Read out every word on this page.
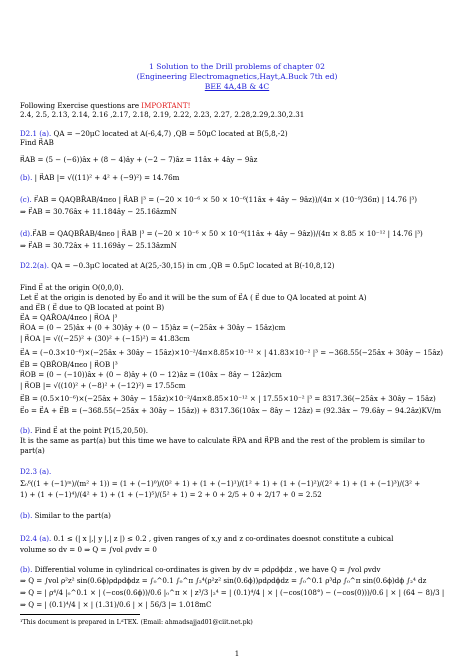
1 Solution to the Drill problems of chapter 02
(Engineering Electromagnetics,Hayt,A.Buck 7th ed)
BEE 4A,4B & 4C
Following Exercise questions are IMPORTANT!
2.4, 2.5, 2.13, 2.14, 2.16 ,2.17, 2.18, 2.19, 2.22, 2.23, 2.27, 2.28,2.29,2.30,2.31
D2.1 (a). QA = −20μC located at A(-6,4,7) ,QB = 50μC located at B(5,8,-2)
Find R⃗AB
R⃗AB = (5 − (−6))âx + (8 − 4)ây + (−2 − 7)âz = 11âx + 4ây − 9âz
(b). | R⃗AB |= √((11)² + 4² + (−9)²) = 14.76m
(c). F⃗AB = QAQBR̂AB/4πϵo | R⃗AB |³ = (−20 × 10⁻⁶ × 50 × 10⁻⁶(11âx + 4ây − 9âz))/(4π × (10⁻⁹/36π) | 14.76 |³)
⇒ F⃗AB = 30.76âx + 11.184ây − 25.16âzmN
(d).F⃗AB = QAQBR̂AB/4πϵo | R⃗AB |³ = (−20 × 10⁻⁶ × 50 × 10⁻⁶(11âx + 4ây − 9âz))/(4π × 8.85 × 10⁻¹² | 14.76 |³)
⇒ F⃗AB = 30.72âx + 11.169ây − 25.13âzmN
D2.2(a). QA = −0.3μC located at A(25,-30,15) in cm ,QB = 0.5μC located at B(-10,8,12)
Find E⃗ at the origin O(0,0,0).
Let E⃗ at the origin is denoted by E⃗o and it will be the sum of E⃗A ( E⃗ due to QA located at point A)
and E⃗B ( E⃗ due to QB located at point B)
E⃗A = QAR̂OA/4πϵo | R⃗OA |³
R⃗OA = (0 − 25)âx + (0 + 30)ây + (0 − 15)âz = (−25âx + 30ây − 15âz)cm
| R⃗OA |= √((−25)² + (30)² + (−15)²) = 41.83cm
E⃗A = (−0.3×10⁻⁶)×(−25âx + 30ây − 15âz)×10⁻²/4π×8.85×10⁻¹² × | 41.83×10⁻² |³ = −368.55(−25âx + 30ây − 15âz)
E⃗B = QBR̂OB/4πϵo | R⃗OB |³
R⃗OB = (0 − (−10))âx + (0 − 8)ây + (0 − 12)âz = (10âx − 8ây − 12âz)cm
| R⃗OB |= √((10)² + (−8)² + (−12)²) = 17.55cm
E⃗B = (0.5×10⁻⁶)×(−25âx + 30ây − 15âz)×10⁻²/4π×8.85×10⁻¹² × | 17.55×10⁻² |³ = 8317.36(−25âx + 30ây − 15âz)
E⃗o = E⃗A + E⃗B = (−368.55(−25âx + 30ây − 15âz)) + 8317.36(10âx − 8ây − 12âz) = (92.3âx − 79.6ây − 94.2âz)KV/m
(b). Find E⃗ at the point P(15,20,50).
It is the same as part(a) but this time we have to calculate R⃗PA and R⃗PB and the rest of the problem is similar to
part(a)
D2.3 (a).
Σ₀⁶((1 + (−1)ᵐ)/(m² + 1)) = (1 + (−1)⁰)/(0² + 1) + (1 + (−1)¹)/(1² + 1) + (1 + (−1)²)/(2² + 1) + (1 + (−1)³)/(3² +
1) + (1 + (−1)⁴)/(4² + 1) + (1 + (−1)⁵)/(5² + 1) = 2 + 0 + 2/5 + 0 + 2/17 + 0 = 2.52
(b). Similar to the part(a)
D2.4 (a). 0.1 ≤ (| x |,| y |,| z |) ≤ 0.2 , given ranges of x,y and z co-ordinates doesnot constitute a cubical
volume so dv = 0 ⇒ Q = ∫vol ρvdv = 0
(b). Differential volume in cylindrical co-ordinates is given by dv = ρdρdϕdz , we have Q = ∫vol ρvdv
⇒ Q = ∫vol ρ²z² sin(0.6ϕ)ρdρdϕdz = ∫₀^0.1 ∫₀^π ∫₂⁴(ρ²z² sin(0.6ϕ))ρdρdϕdz = ∫₀^0.1 ρ³dρ ∫₀^π sin(0.6ϕ)dϕ ∫₂⁴ dz
⇒ Q = | ρ⁴/4 |₀^0.1 × | (−cos(0.6ϕ))/0.6 |₀^π × | z³/3 |₂⁴ = | (0.1)⁴/4 | × | (−cos(108°) − (−cos(0)))/0.6 | × | (64 − 8)/3 |
⇒ Q = | (0.1)⁴/4 | × | (1.31)/0.6 | × | 56/3 |= 1.018mC
¹This document is prepared in LᴬTEX. (Email: ahmadsajjad01@ciit.net.pk)
1
